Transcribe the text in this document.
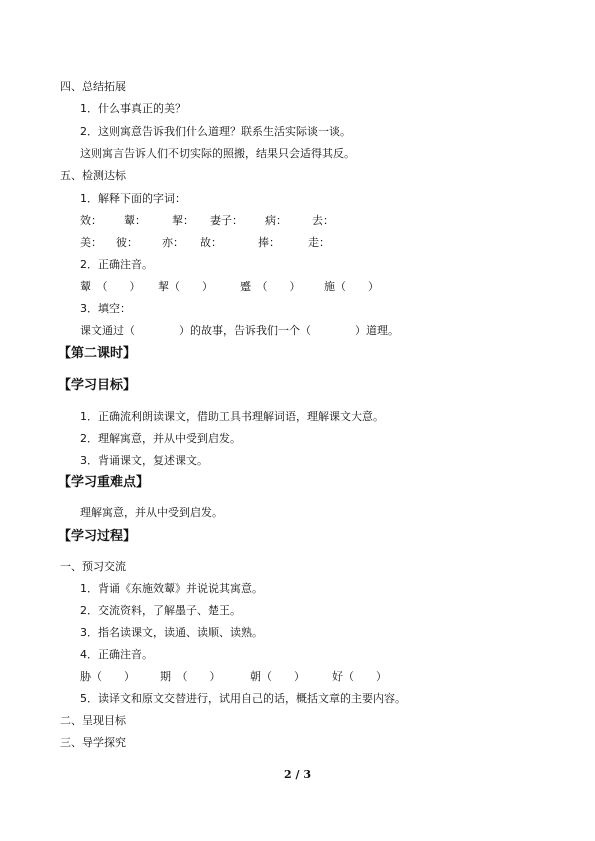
四、总结拓展
1．什么事真正的美？
2．这则寓意告诉我们什么道理？联系生活实际谈一谈。
这则寓言告诉人们不切实际的照搬，结果只会适得其反。
五、检测达标
1．解释下面的字词：
效： 颦： 挈： 妻子： 病： 去：
美： 彼： 亦： 故：	捧：	走：
2．正确注音。
颦　（　　） 挈（　　） 蹙　（　　） 施（　　）
3．填空：
课文通过（　　　　）的故事，告诉我们一个（　　　　）道理。
【第二课时】
【学习目标】
1．正确流利朗读课文，借助工具书理解词语，理解课文大意。
2．理解寓意，并从中受到启发。
3．背诵课文，复述课文。
【学习重难点】
理解寓意，并从中受到启发。
【学习过程】
一、预习交流
1．背诵《东施效颦》并说说其寓意。
2．交流资料，了解墨子、楚王。
3．指名读课文，读通、读顺、读熟。
4．正确注音。
胁（　　） 期　（　　）	朝（　　） 好（　　）
5．读译文和原文交替进行，试用自己的话，概括文章的主要内容。
二、呈现目标
三、导学探究
2 / 3
